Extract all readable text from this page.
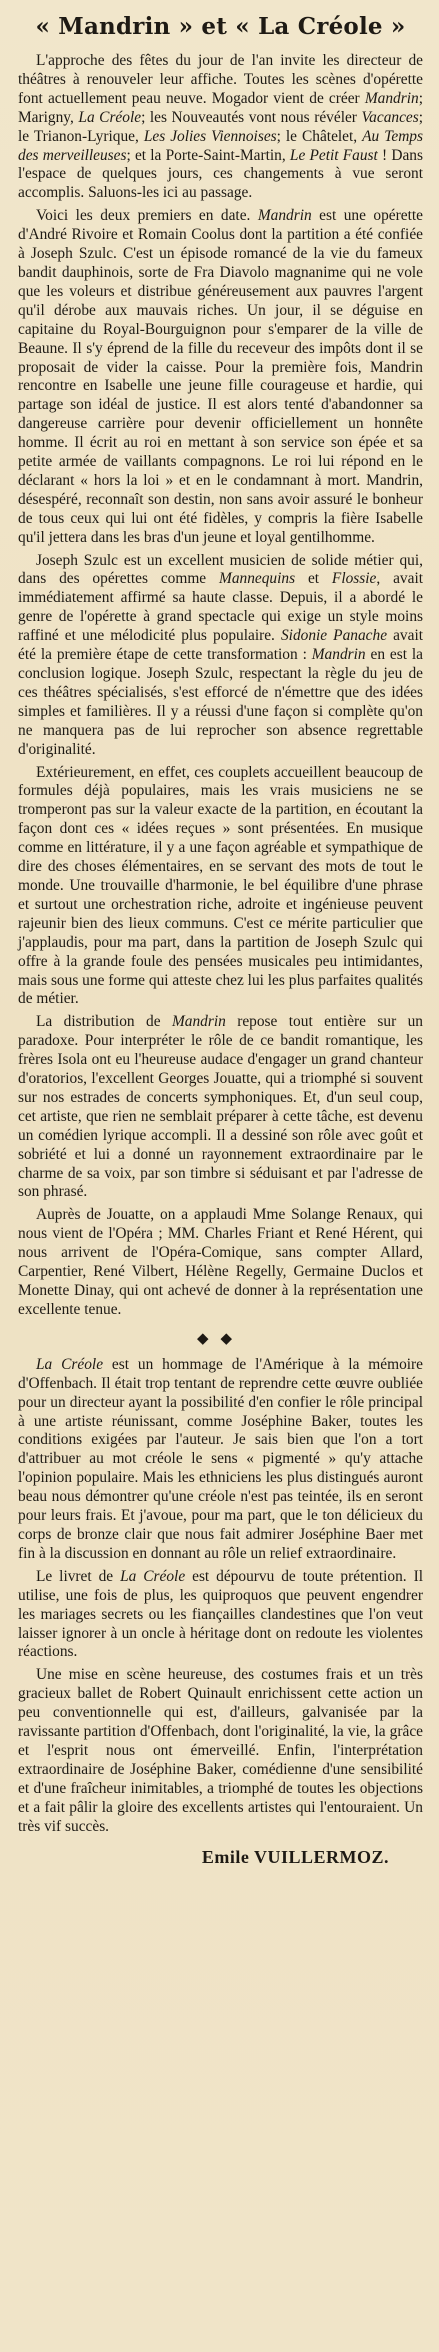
« Mandrin » et « La Créole »

L'approche des fêtes du jour de l'an invite les directeur de théâtres à renouveler leur affiche. Toutes les scènes d'opérette font actuellement peau neuve. Mogador vient de créer Mandrin; Marigny, La Créole; les Nouveautés vont nous révéler Vacances; le Trianon-Lyrique, Les Jolies Viennoises; le Châtelet, Au Temps des merveilleuses; et la Porte-Saint-Martin, Le Petit Faust ! Dans l'espace de quelques jours, ces changements à vue seront accomplis. Saluons-les ici au passage.

Voici les deux premiers en date. Mandrin est une opérette d'André Rivoire et Romain Coolus dont la partition a été confiée à Joseph Szulc. C'est un épisode romancé de la vie du fameux bandit dauphinois, sorte de Fra Diavolo magnanime qui ne vole que les voleurs et distribue généreusement aux pauvres l'argent qu'il dérobe aux mauvais riches. Un jour, il se déguise en capitaine du Royal-Bourguignon pour s'emparer de la ville de Beaune. Il s'y éprend de la fille du receveur des impôts dont il se proposait de vider la caisse. Pour la première fois, Mandrin rencontre en Isabelle une jeune fille courageuse et hardie, qui partage son idéal de justice. Il est alors tenté d'abandonner sa dangereuse carrière pour devenir officiellement un honnête homme. Il écrit au roi en mettant à son service son épée et sa petite armée de vaillants compagnons. Le roi lui répond en le déclarant « hors la loi » et en le condamnant à mort. Mandrin, désespéré, reconnaît son destin, non sans avoir assuré le bonheur de tous ceux qui lui ont été fidèles, y compris la fière Isabelle qu'il jettera dans les bras d'un jeune et loyal gentilhomme.

Joseph Szulc est un excellent musicien de solide métier qui, dans des opérettes comme Mannequins et Flossie, avait immédiatement affirmé sa haute classe. Depuis, il a abordé le genre de l'opérette à grand spectacle qui exige un style moins raffiné et une mélodicité plus populaire. Sidonie Panache avait été la première étape de cette transformation : Mandrin en est la conclusion logique. Joseph Szulc, respectant la règle du jeu de ces théâtres spécialisés, s'est efforcé de n'émettre que des idées simples et familières. Il y a réussi d'une façon si complète qu'on ne manquera pas de lui reprocher son absence regrettable d'originalité.

Extérieurement, en effet, ces couplets accueillent beaucoup de formules déjà populaires, mais les vrais musiciens ne se tromperont pas sur la valeur exacte de la partition, en écoutant la façon dont ces « idées reçues » sont présentées. En musique comme en littérature, il y a une façon agréable et sympathique de dire des choses élémentaires, en se servant des mots de tout le monde. Une trouvaille d'harmonie, le bel équilibre d'une phrase et surtout une orchestration riche, adroite et ingénieuse peuvent rajeunir bien des lieux communs. C'est ce mérite particulier que j'applaudis, pour ma part, dans la partition de Joseph Szulc qui offre à la grande foule des pensées musicales peu intimidantes, mais sous une forme qui atteste chez lui les plus parfaites qualités de métier.

La distribution de Mandrin repose tout entière sur un paradoxe. Pour interpréter le rôle de ce bandit romantique, les frères Isola ont eu l'heureuse audace d'engager un grand chanteur d'oratorios, l'excellent Georges Jouatte, qui a triomphé si souvent sur nos estrades de concerts symphoniques. Et, d'un seul coup, cet artiste, que rien ne semblait préparer à cette tâche, est devenu un comédien lyrique accompli. Il a dessiné son rôle avec goût et sobriété et lui a donné un rayonnement extraordinaire par le charme de sa voix, par son timbre si séduisant et par l'adresse de son phrasé.

Auprès de Jouatte, on a applaudi Mme Solange Renaux, qui nous vient de l'Opéra ; MM. Charles Friant et René Hérent, qui nous arrivent de l'Opéra-Comique, sans compter Allard, Carpentier, René Vilbert, Hélène Regelly, Germaine Duclos et Monette Dinay, qui ont achevé de donner à la représentation une excellente tenue.

◆◆

La Créole est un hommage de l'Amérique à la mémoire d'Offenbach. Il était trop tentant de reprendre cette œuvre oubliée pour un directeur ayant la possibilité d'en confier le rôle principal à une artiste réunissant, comme Joséphine Baker, toutes les conditions exigées par l'auteur. Je sais bien que l'on a tort d'attribuer au mot créole le sens « pigmenté » qu'y attache l'opinion populaire. Mais les ethniciens les plus distingués auront beau nous démontrer qu'une créole n'est pas teintée, ils en seront pour leurs frais. Et j'avoue, pour ma part, que le ton délicieux du corps de bronze clair que nous fait admirer Joséphine Baer met fin à la discussion en donnant au rôle un relief extraordinaire.

Le livret de La Créole est dépourvu de toute prétention. Il utilise, une fois de plus, les quiproquos que peuvent engendrer les mariages secrets ou les fiançailles clandestines que l'on veut laisser ignorer à un oncle à héritage dont on redoute les violentes réactions.

Une mise en scène heureuse, des costumes frais et un très gracieux ballet de Robert Quinault enrichissent cette action un peu conventionnelle qui est, d'ailleurs, galvanisée par la ravissante partition d'Offenbach, dont l'originalité, la vie, la grâce et l'esprit nous ont émerveillé. Enfin, l'interprétation extraordinaire de Joséphine Baker, comédienne d'une sensibilité et d'une fraîcheur inimitables, a triomphé de toutes les objections et a fait pâlir la gloire des excellents artistes qui l'entouraient. Un très vif succès.

Emile VUILLERMOZ.
